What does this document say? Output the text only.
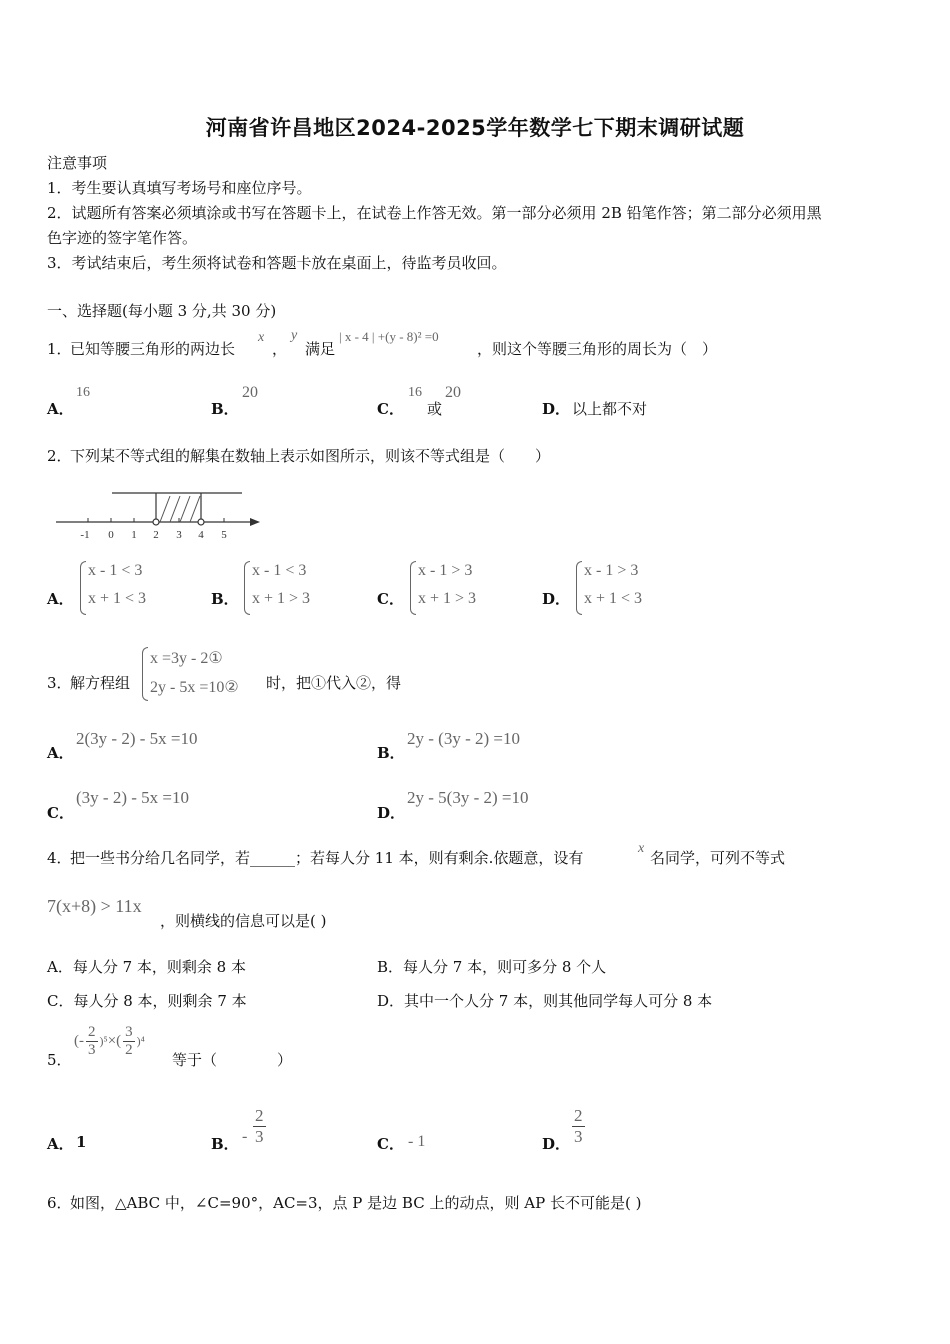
河南省许昌地区2024-2025学年数学七下期末调研试题
注意事项
1．考生要认真填写考场号和座位序号。
2．试题所有答案必须填涂或书写在答题卡上，在试卷上作答无效。第一部分必须用 2B 铅笔作答；第二部分必须用黑
色字迹的签字笔作答。
3．考试结束后，考生须将试卷和答题卡放在桌面上，待监考员收回。
一、选择题(每小题 3 分,共 30 分)
1．
已知等腰三角形的两边长
x
，
y
满足
| x - 4 | +(y - 8)² =0
，则这个等腰三角形的周长为（　）
A．
16
B．
20
C．
16
或
20
D． 以上都不对
2．
下列某不等式组的解集在数轴上表示如图所示，则该不等式组是（　　）
-1 0 1 2 3 4 5
A．
x - 1 < 3
x + 1 < 3	B．
x - 1 < 3
x + 1 > 3	C．
x - 1 > 3
x + 1 > 3	D．
x - 1 > 3
x + 1 < 3
3．
解方程组
x =3y - 2①
2y - 5x =10② 时，把①代入②，得
A．
2(3y - 2) - 5x =10
B．
2y - (3y - 2) =10
C．
(3y - 2) - 5x =10
D．
2y - 5(3y - 2) =10
4．
把一些书分给几名同学，若______；若每人分 11 本，则有剩余.依题意，设有
x
名同学，可列不等式
7(x+8) > 11x
，则横线的信息可以是( )
A．每人分 7 本，则剩余 8 本	B．每人分 7 本，则可多分 8 个人
C．每人分 8 本，则剩余 7 本	D．其中一个人分 7 本，则其他同学每人可分 8 本
5．
(- $\frac{2}{3} )^5$ ×( $\frac{3}{2} )^4$
等于（　　　　）
A． 1	B． - $\frac{2}{3}$	C． - 1	D． $\frac{2}{3}$
6．
如图，△ABC 中，∠C=90°，AC=3，点 P 是边 BC 上的动点，则 AP 长不可能是( )
